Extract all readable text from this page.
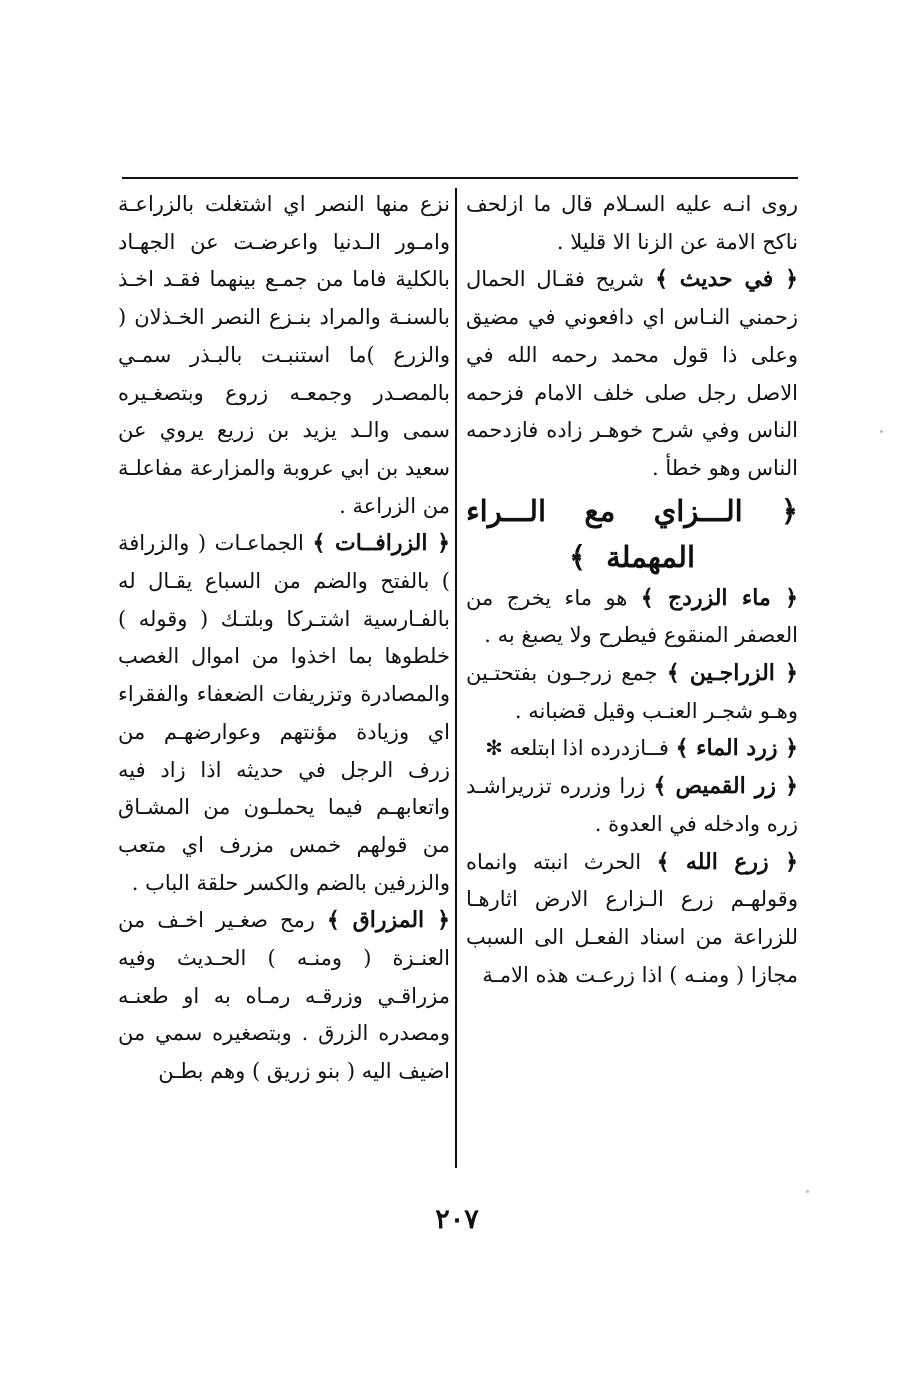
روى انـه عليه السـلام قال ما ازلحف ناكح الامة عن الزنا الا قليلا .

﴿ في حديث ﴾ شريح فقـال الحمال زحمني النـاس اي دافعوني في مضيق وعلى ذا قول محمد رحمه الله في الاصل رجل صلى خلف الامام فزحمه الناس وفي شرح خوهـر زاده فازدحمه الناس وهو خطأ .

﴿ الـــزاي مع الـــراء المهملة ﴾

﴿ ماء الزردج ﴾ هو ماء يخرج من العصفر المنقوع فيطرح ولا يصبغ به .

﴿ الزراجـين ﴾ جمع زرجـون بفتحتـين وهـو شجـر العنـب وقيل قضبانه .

﴿ زرد الماء ﴾ فــازدرده اذا ابتلعه ✻

﴿ زر القميص ﴾ زرا وزرره تزريراشـد زره وادخله في العدوة .

﴿ زرع الله ﴾ الحرث انبته وانماه وقولهـم زرع الـزارع الارض اثارهـا للزراعة من اسناد الفعـل الى السبب مجازا ( ومنـه ) اذا زرعـت هذه الامـة

نزع منها النصر اي اشتغلت بالزراعـة وامـور الـدنيا واعرضـت عن الجهـاد بالكلية فاما من جمـع بينهما فقـد اخـذ بالسنـة والمراد بنـزع النصر الخـذلان ( والزرع )ما استنبـت بالبـذر سمـي بالمصـدر وجمعـه زروع وبتصغـيره سمى والـد يزيد بن زريع يروي عن سعيد بن ابي عروبة والمزارعة مفاعلـة من الزراعة .

﴿ الزرافــات ﴾ الجماعـات ( والزرافة ) بالفتح والضم من السباع يقـال له بالفـارسية اشتـركا وبلتـك ( وقوله ) خلطوها بما اخذوا من اموال الغصب والمصادرة وتزريفات الضعفاء والفقراء اي وزيادة مؤنتهم وعوارضهـم من زرف الرجل في حديثه اذا زاد فيه واتعابهـم فيما يحملـون من المشـاق من قولهم خمس مزرف اي متعب والزرفين بالضم والكسر حلقة الباب .

﴿ المزراق ﴾ رمح صغـير اخـف من العنـزة ( ومنـه ) الحـديث وفيه مزراقـي وزرقـه رمـاه به او طعنـه ومصدره الزرق . وبتصغيره سمي من اضيف اليه ( بنو زريق ) وهم بطـن

٢٠٧
